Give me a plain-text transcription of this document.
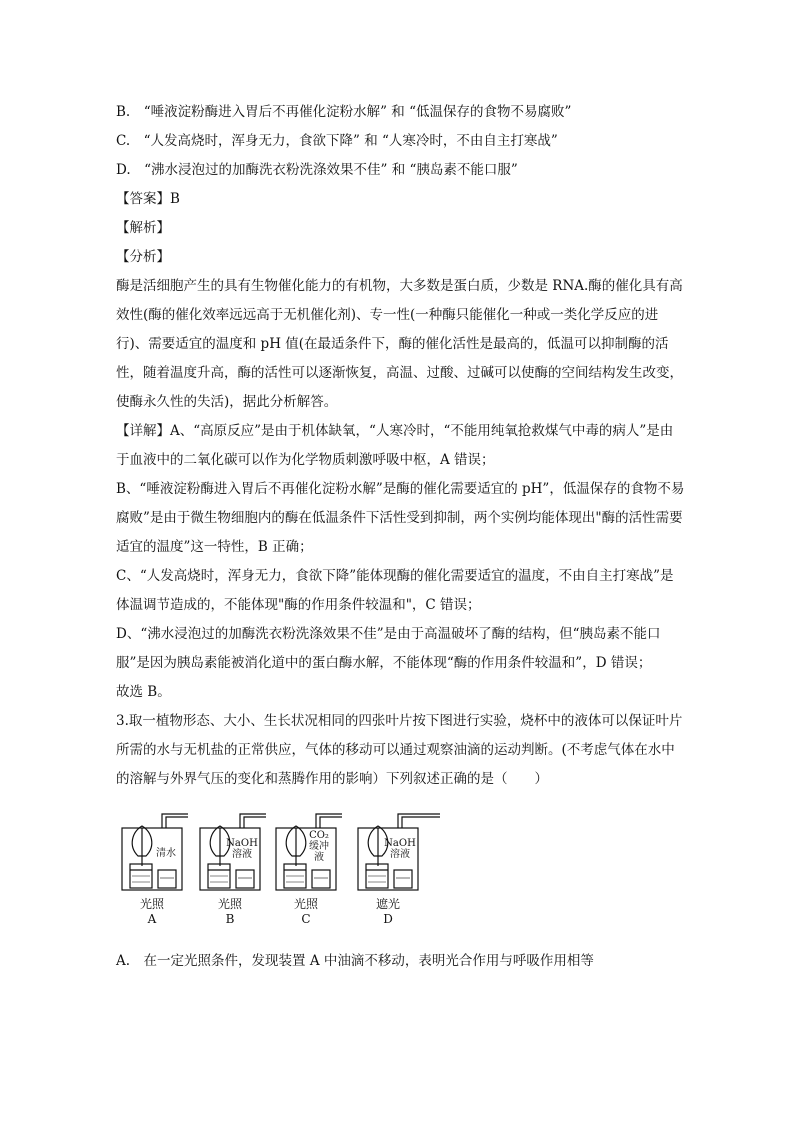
B.　“唾液淀粉酶进入胃后不再催化淀粉水解” 和 “低温保存的食物不易腐败”
C.　“人发高烧时，浑身无力，食欲下降” 和 “人寒冷时，不由自主打寒战”
D.　“沸水浸泡过的加酶洗衣粉洗涤效果不佳” 和 “胰岛素不能口服”
【答案】B
【解析】
【分析】
酶是活细胞产生的具有生物催化能力的有机物，大多数是蛋白质，少数是 RNA.酶的催化具有高效性(酶的催化效率远远高于无机催化剂)、专一性(一种酶只能催化一种或一类化学反应的进行)、需要适宜的温度和 pH 值(在最适条件下，酶的催化活性是最高的，低温可以抑制酶的活性，随着温度升高，酶的活性可以逐渐恢复，高温、过酸、过碱可以使酶的空间结构发生改变，使酶永久性的失活)，据此分析解答。
【详解】A、“高原反应”是由于机体缺氧，“人寒冷时，“不能用纯氧抢救煤气中毒的病人”是由于血液中的二氧化碳可以作为化学物质刺激呼吸中枢，A 错误；
B、“唾液淀粉酶进入胃后不再催化淀粉水解”是酶的催化需要适宜的 pH”，低温保存的食物不易腐败”是由于微生物细胞内的酶在低温条件下活性受到抑制，两个实例均能体现出"酶的活性需要适宜的温度”这一特性，B 正确；
C、“人发高烧时，浑身无力，食欲下降”能体现酶的催化需要适宜的温度，不由自主打寒战”是体温调节造成的，不能体现"酶的作用条件较温和"，C 错误；
D、“沸水浸泡过的加酶洗衣粉洗涤效果不佳”是由于高温破坏了酶的结构，但“胰岛素不能口服”是因为胰岛素能被消化道中的蛋白酶水解，不能体现“酶的作用条件较温和”，D 错误；
故选 B。
3.取一植物形态、大小、生长状况相同的四张叶片按下图进行实验，烧杯中的液体可以保证叶片所需的水与无机盐的正常供应，气体的移动可以通过观察油滴的运动判断。(不考虑气体在水中的溶解与外界气压的变化和蒸腾作用的影响）下列叙述正确的是（　　）
清水
NaOH
溶液
CO₂
缓冲
液
NaOH
溶液
光照
A
光照
B
光照
C
遮光
D
A.　在一定光照条件，发现装置 A 中油滴不移动，表明光合作用与呼吸作用相等
